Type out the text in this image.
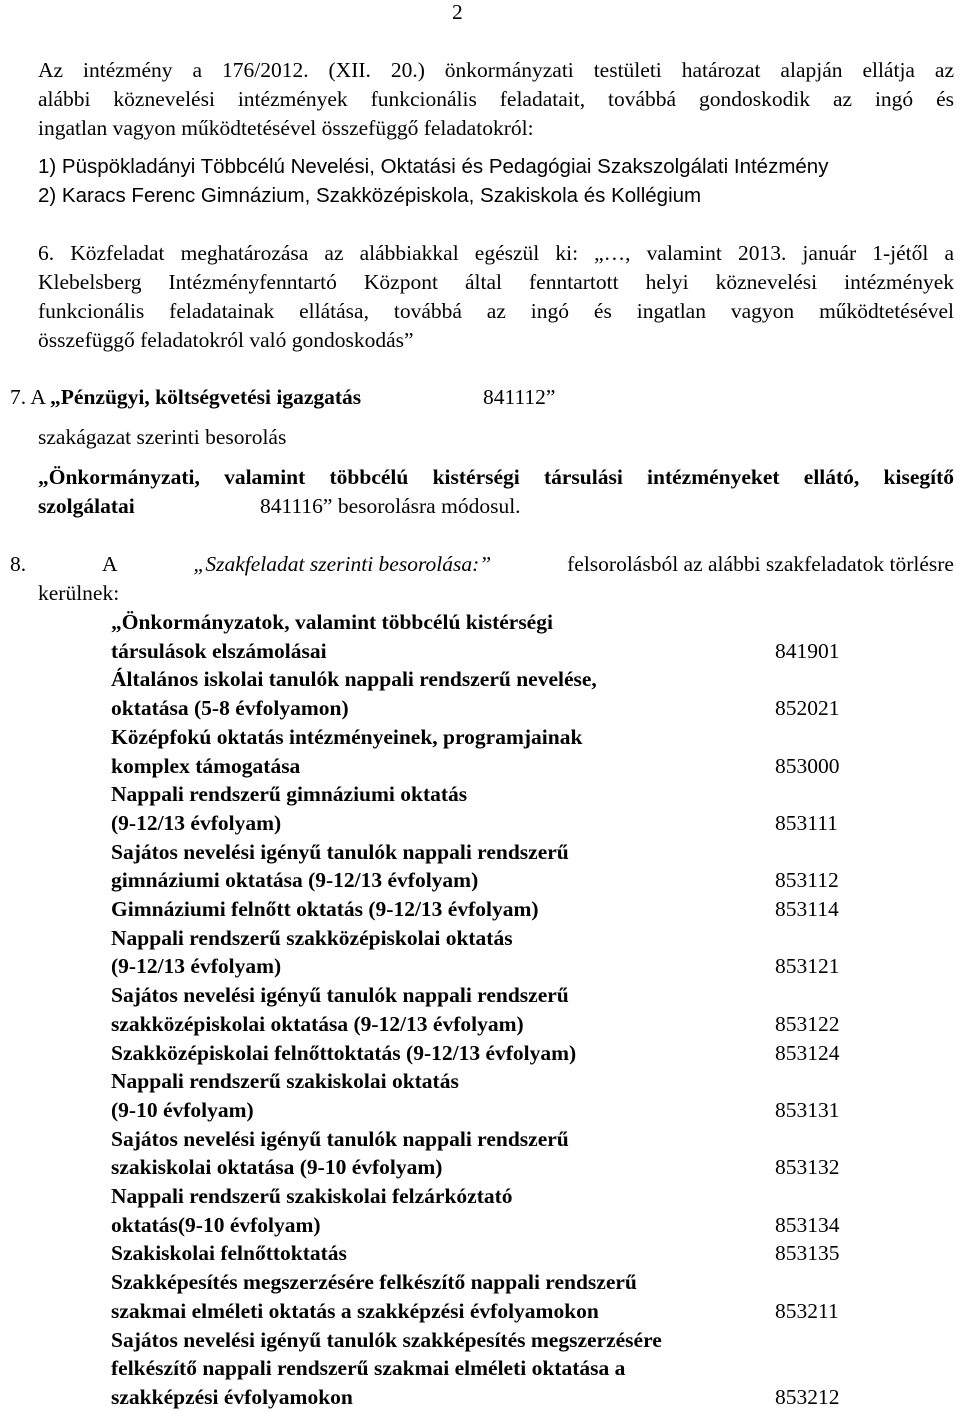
2
Az intézmény a 176/2012. (XII. 20.) önkormányzati testületi határozat alapján ellátja az
alábbi köznevelési intézmények funkcionális feladatait, továbbá gondoskodik az ingó és
ingatlan vagyon működtetésével összefüggő feladatokról:
1) Püspökladányi Többcélú Nevelési, Oktatási és Pedagógiai Szakszolgálati Intézmény
2) Karacs Ferenc Gimnázium, Szakközépiskola, Szakiskola és Kollégium
6. Közfeladat meghatározása az alábbiakkal egészül ki: „…, valamint 2013. január 1-jétől a
Klebelsberg Intézményfenntartó Központ által fenntartott helyi köznevelési intézmények
funkcionális feladatainak ellátása, továbbá az ingó és ingatlan vagyon működtetésével
összefüggő feladatokról való gondoskodás”
7. A „Pénzügyi, költségvetési igazgatás	841112”
szakágazat szerinti besorolás
„Önkormányzati, valamint többcélú kistérségi társulási intézményeket ellátó, kisegítő
szolgálatai	841116” besorolásra módosul.
8.	A	„Szakfeladat szerinti besorolása:”	felsorolásból az alábbi szakfeladatok törlésre
kerülnek:
„Önkormányzatok, valamint többcélú kistérségi
társulások elszámolásai	841901
Általános iskolai tanulók nappali rendszerű nevelése,
oktatása (5-8 évfolyamon)	852021
Középfokú oktatás intézményeinek, programjainak
komplex támogatása	853000
Nappali rendszerű gimnáziumi oktatás
(9-12/13 évfolyam)	853111
Sajátos nevelési igényű tanulók nappali rendszerű
gimnáziumi oktatása (9-12/13 évfolyam)	853112
Gimnáziumi felnőtt oktatás (9-12/13 évfolyam)	853114
Nappali rendszerű szakközépiskolai oktatás
(9-12/13 évfolyam)	853121
Sajátos nevelési igényű tanulók nappali rendszerű
szakközépiskolai oktatása (9-12/13 évfolyam)	853122
Szakközépiskolai felnőttoktatás (9-12/13 évfolyam)	853124
Nappali rendszerű szakiskolai oktatás
(9-10 évfolyam)	853131
Sajátos nevelési igényű tanulók nappali rendszerű
szakiskolai oktatása (9-10 évfolyam)	853132
Nappali rendszerű szakiskolai felzárkóztató
oktatás(9-10 évfolyam)	853134
Szakiskolai felnőttoktatás	853135
Szakképesítés megszerzésére felkészítő nappali rendszerű
szakmai elméleti oktatás a szakképzési évfolyamokon	853211
Sajátos nevelési igényű tanulók szakképesítés megszerzésére
felkészítő nappali rendszerű szakmai elméleti oktatása a
szakképzési évfolyamokon	853212
